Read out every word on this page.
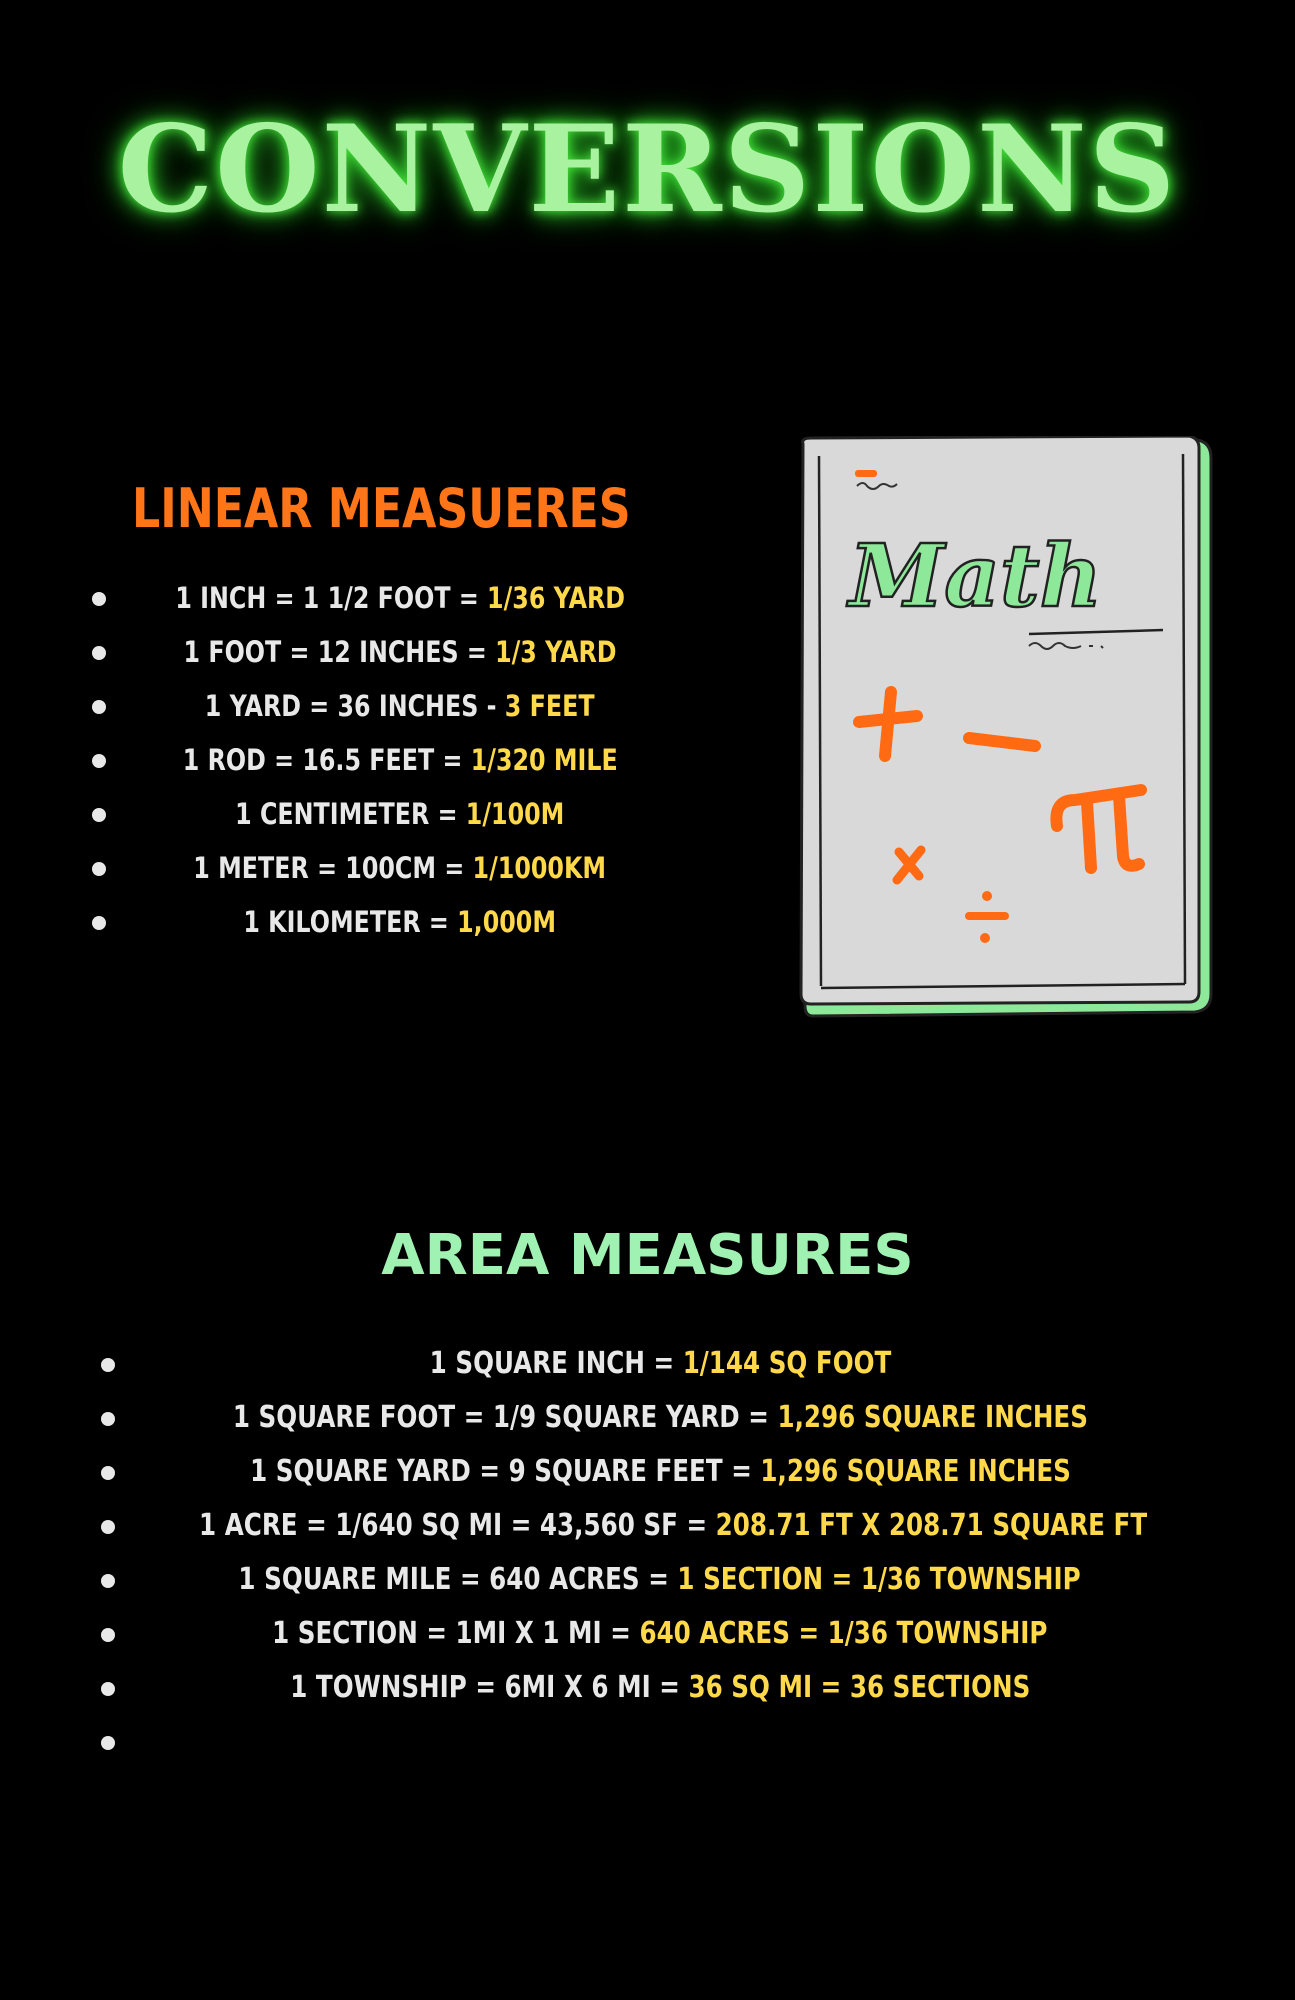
CONVERSIONS
LINEAR MEASUERES
1 INCH = 1 1/2 FOOT = 1/36 YARD
1 FOOT = 12 INCHES = 1/3 YARD
1 YARD = 36 INCHES - 3 FEET
1 ROD = 16.5 FEET = 1/320 MILE
1 CENTIMETER = 1/100M
1 METER = 100CM = 1/1000KM
1 KILOMETER = 1,000M
Math
AREA MEASURES
1 SQUARE INCH = 1/144 SQ FOOT
1 SQUARE FOOT = 1/9 SQUARE YARD = 1,296 SQUARE INCHES
1 SQUARE YARD = 9 SQUARE FEET = 1,296 SQUARE INCHES
1 ACRE = 1/640 SQ MI = 43,560 SF = 208.71 FT X 208.71 SQUARE FT
1 SQUARE MILE = 640 ACRES = 1 SECTION = 1/36 TOWNSHIP
1 SECTION = 1MI X 1 MI = 640 ACRES = 1/36 TOWNSHIP
1 TOWNSHIP = 6MI X 6 MI = 36 SQ MI = 36 SECTIONS
